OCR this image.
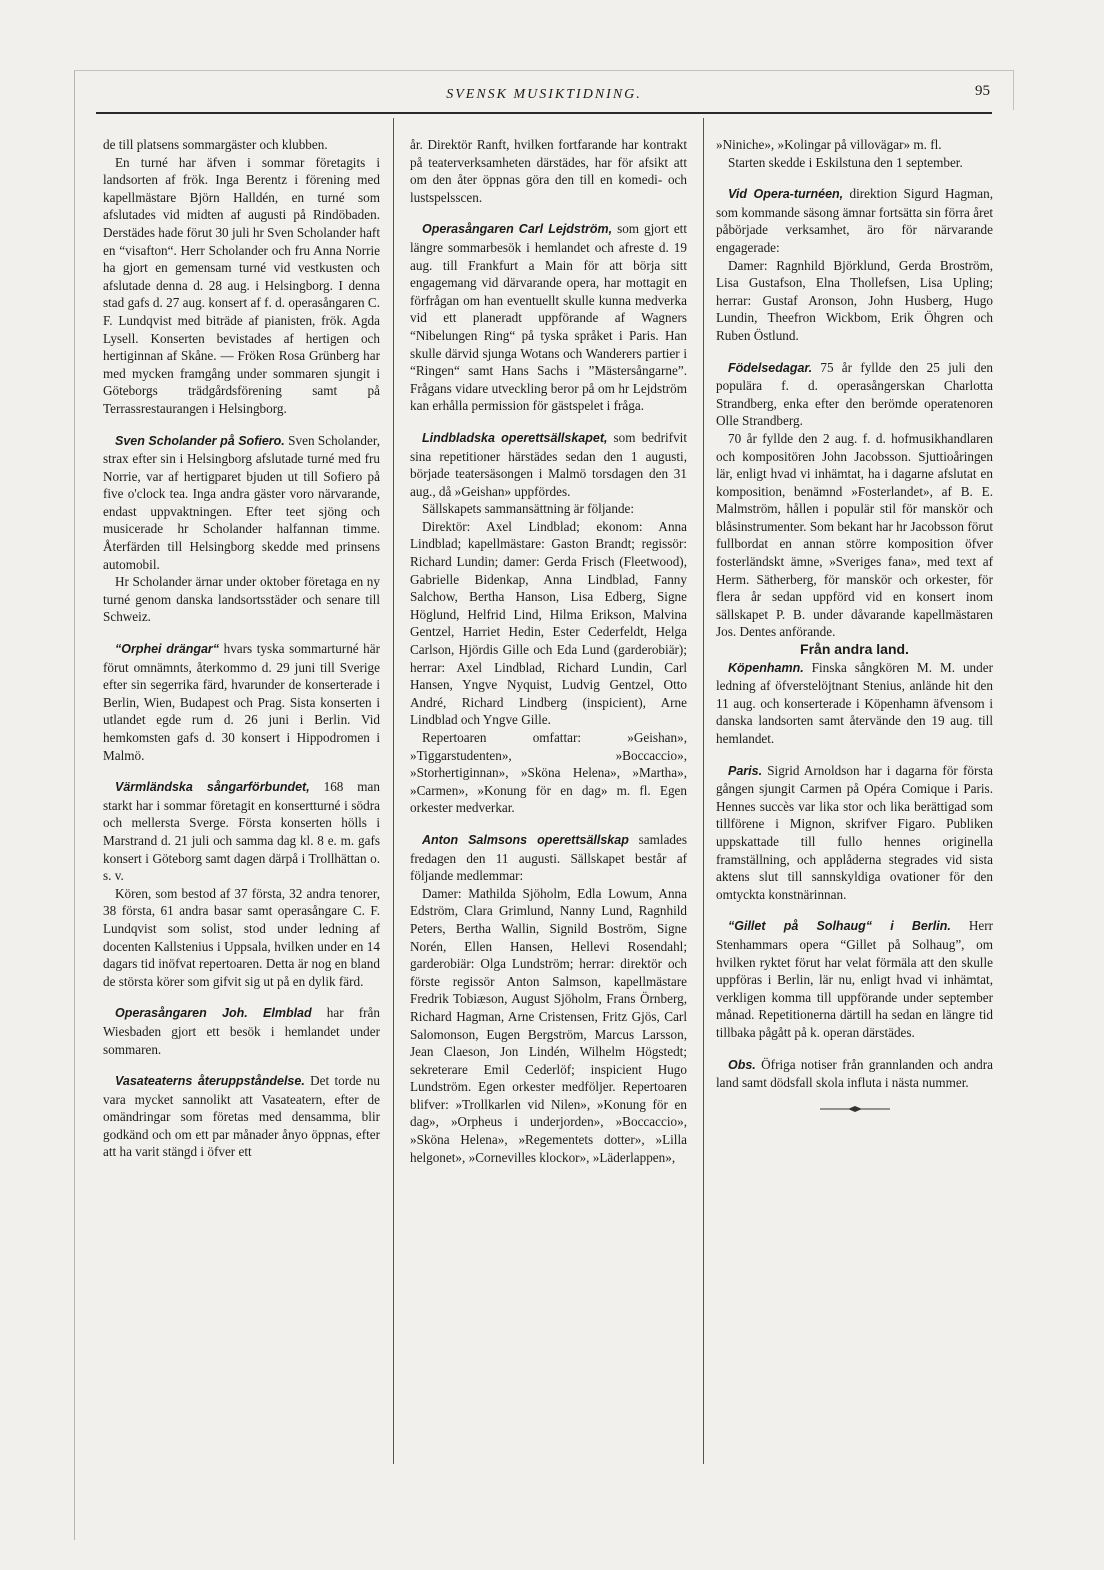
SVENSK MUSIKTIDNING.	95

de till platsens sommargäster och klubben.

En turné har äfven i sommar företagits i landsorten af frök. Inga Berentz i förening med kapellmästare Björn Halldén, en turné som afslutades vid midten af augusti på Rindöbaden. Derstädes hade förut 30 juli hr Sven Scholander haft en “visafton“. Herr Scholander och fru Anna Norrie ha gjort en gemensam turné vid vestkusten och afslutade denna d. 28 aug. i Helsingborg. I denna stad gafs d. 27 aug. konsert af f. d. operasångaren C. F. Lundqvist med biträde af pianisten, frök. Agda Lysell. Konserten bevistades af hertigen och hertiginnan af Skåne. — Fröken Rosa Grünberg har med mycken framgång under sommaren sjungit i Göteborgs trädgårdsförening samt på Terrassrestaurangen i Helsingborg.

Sven Scholander på Sofiero. Sven Scholander, strax efter sin i Helsingborg afslutade turné med fru Norrie, var af hertigparet bjuden ut till Sofiero på five o'clock tea. Inga andra gäster voro närvarande, endast uppvaktningen. Efter teet sjöng och musicerade hr Scholander halfannan timme. Återfärden till Helsingborg skedde med prinsens automobil.

Hr Scholander ärnar under oktober företaga en ny turné genom danska landsortsstäder och senare till Schweiz.

“Orphei drängar“ hvars tyska sommarturné här förut omnämnts, återkommo d. 29 juni till Sverige efter sin segerrika färd, hvarunder de konserterade i Berlin, Wien, Budapest och Prag. Sista konserten i utlandet egde rum d. 26 juni i Berlin. Vid hemkomsten gafs d. 30 konsert i Hippodromen i Malmö.

Värmländska sångarförbundet, 168 man starkt har i sommar företagit en konsertturné i södra och mellersta Sverge. Första konserten hölls i Marstrand d. 21 juli och samma dag kl. 8 e. m. gafs konsert i Göteborg samt dagen därpå i Trollhättan o. s. v.

Kören, som bestod af 37 första, 32 andra tenorer, 38 första, 61 andra basar samt operasångare C. F. Lundqvist som solist, stod under ledning af docenten Kallstenius i Uppsala, hvilken under en 14 dagars tid inöfvat repertoaren. Detta är nog en bland de största körer som gifvit sig ut på en dylik färd.

Operasångaren Joh. Elmblad har från Wiesbaden gjort ett besök i hemlandet under sommaren.

Vasateaterns återuppståndelse. Det torde nu vara mycket sannolikt att Vasateatern, efter de omändringar som företas med densamma, blir godkänd och om ett par månader ånyo öppnas, efter att ha varit stängd i öfver ett

år. Direktör Ranft, hvilken fortfarande har kontrakt på teaterverksamheten därstädes, har för afsikt att om den åter öppnas göra den till en komedi- och lustspelsscen.

Operasångaren Carl Lejdström, som gjort ett längre sommarbesök i hemlandet och afreste d. 19 aug. till Frankfurt a Main för att börja sitt engagemang vid därvarande opera, har mottagit en förfrågan om han eventuellt skulle kunna medverka vid ett planeradt uppförande af Wagners “Nibelungen Ring“ på tyska språket i Paris. Han skulle därvid sjunga Wotans och Wanderers partier i “Ringen“ samt Hans Sachs i ”Mästersångarne”. Frågans vidare utveckling beror på om hr Lejdström kan erhålla permission för gästspelet i fråga.

Lindbladska operettsällskapet, som bedrifvit sina repetitioner härstädes sedan den 1 augusti, började teatersäsongen i Malmö torsdagen den 31 aug., då »Geishan» uppfördes.

Sällskapets sammansättning är följande:

Direktör: Axel Lindblad; ekonom: Anna Lindblad; kapellmästare: Gaston Brandt; regissör: Richard Lundin; damer: Gerda Frisch (Fleetwood), Gabrielle Bidenkap, Anna Lindblad, Fanny Salchow, Bertha Hanson, Lisa Edberg, Signe Höglund, Helfrid Lind, Hilma Erikson, Malvina Gentzel, Harriet Hedin, Ester Cederfeldt, Helga Carlson, Hjördis Gille och Eda Lund (garderobiär); herrar: Axel Lindblad, Richard Lundin, Carl Hansen, Yngve Nyquist, Ludvig Gentzel, Otto André, Richard Lindberg (inspicient), Arne Lindblad och Yngve Gille.

Repertoaren omfattar: »Geishan», »Tiggarstudenten», »Boccaccio», »Storhertiginnan», »Sköna Helena», »Martha», »Carmen», »Konung för en dag» m. fl. Egen orkester medverkar.

Anton Salmsons operettsällskap samlades fredagen den 11 augusti. Sällskapet består af följande medlemmar:

Damer: Mathilda Sjöholm, Edla Lowum, Anna Edström, Clara Grimlund, Nanny Lund, Ragnhild Peters, Bertha Wallin, Signild Boström, Signe Norén, Ellen Hansen, Hellevi Rosendahl; garderobiär: Olga Lundström; herrar: direktör och förste regissör Anton Salmson, kapellmästare Fredrik Tobiæson, August Sjöholm, Frans Örnberg, Richard Hagman, Arne Cristensen, Fritz Gjös, Carl Salomonson, Eugen Bergström, Marcus Larsson, Jean Claeson, Jon Lindén, Wilhelm Högstedt; sekreterare Emil Cederlöf; inspicient Hugo Lundström. Egen orkester medföljer. Repertoaren blifver: »Trollkarlen vid Nilen», »Konung för en dag», »Orpheus i underjorden», »Boccaccio», »Sköna Helena», »Regementets dotter», »Lilla helgonet», »Cornevilles klockor», »Läderlappen»,

»Niniche», »Kolingar på villovägar» m. fl.

Starten skedde i Eskilstuna den 1 september.

Vid Opera-turnéen, direktion Sigurd Hagman, som kommande säsong ämnar fortsätta sin förra året påbörjade verksamhet, äro för närvarande engagerade:

Damer: Ragnhild Björklund, Gerda Broström, Lisa Gustafson, Elna Thollefsen, Lisa Upling; herrar: Gustaf Aronson, John Husberg, Hugo Lundin, Theefron Wickbom, Erik Öhgren och Ruben Östlund.

Födelsedagar. 75 år fyllde den 25 juli den populära f. d. operasångerskan Charlotta Strandberg, enka efter den berömde operatenoren Olle Strandberg.

70 år fyllde den 2 aug. f. d. hofmusikhandlaren och kompositören John Jacobsson. Sjuttioåringen lär, enligt hvad vi inhämtat, ha i dagarne afslutat en komposition, benämnd »Fosterlandet», af B. E. Malmström, hållen i populär stil för manskör och blåsinstrumenter. Som bekant har hr Jacobsson förut fullbordat en annan större komposition öfver fosterländskt ämne, »Sveriges fana», med text af Herm. Sätherberg, för manskör och orkester, för flera år sedan uppförd vid en konsert inom sällskapet P. B. under dåvarande kapellmästaren Jos. Dentes anförande.

Från andra land.

Köpenhamn. Finska sångkören M. M. under ledning af öfverstelöjtnant Stenius, anlände hit den 11 aug. och konserterade i Köpenhamn äfvensom i danska landsorten samt återvände den 19 aug. till hemlandet.

Paris. Sigrid Arnoldson har i dagarna för första gången sjungit Carmen på Opéra Comique i Paris. Hennes succès var lika stor och lika berättigad som tillförene i Mignon, skrifver Figaro. Publiken uppskattade till fullo hennes originella framställning, och applåderna stegrades vid sista aktens slut till sannskyldiga ovationer för den omtyckta konstnärinnan.

“Gillet på Solhaug“ i Berlin. Herr Stenhammars opera “Gillet på Solhaug”, om hvilken ryktet förut har velat förmäla att den skulle uppföras i Berlin, lär nu, enligt hvad vi inhämtat, verkligen komma till uppförande under september månad. Repetitionerna därtill ha sedan en längre tid tillbaka pågått på k. operan därstädes.

Obs. Öfriga notiser från grannlanden och andra land samt dödsfall skola influta i nästa nummer.
